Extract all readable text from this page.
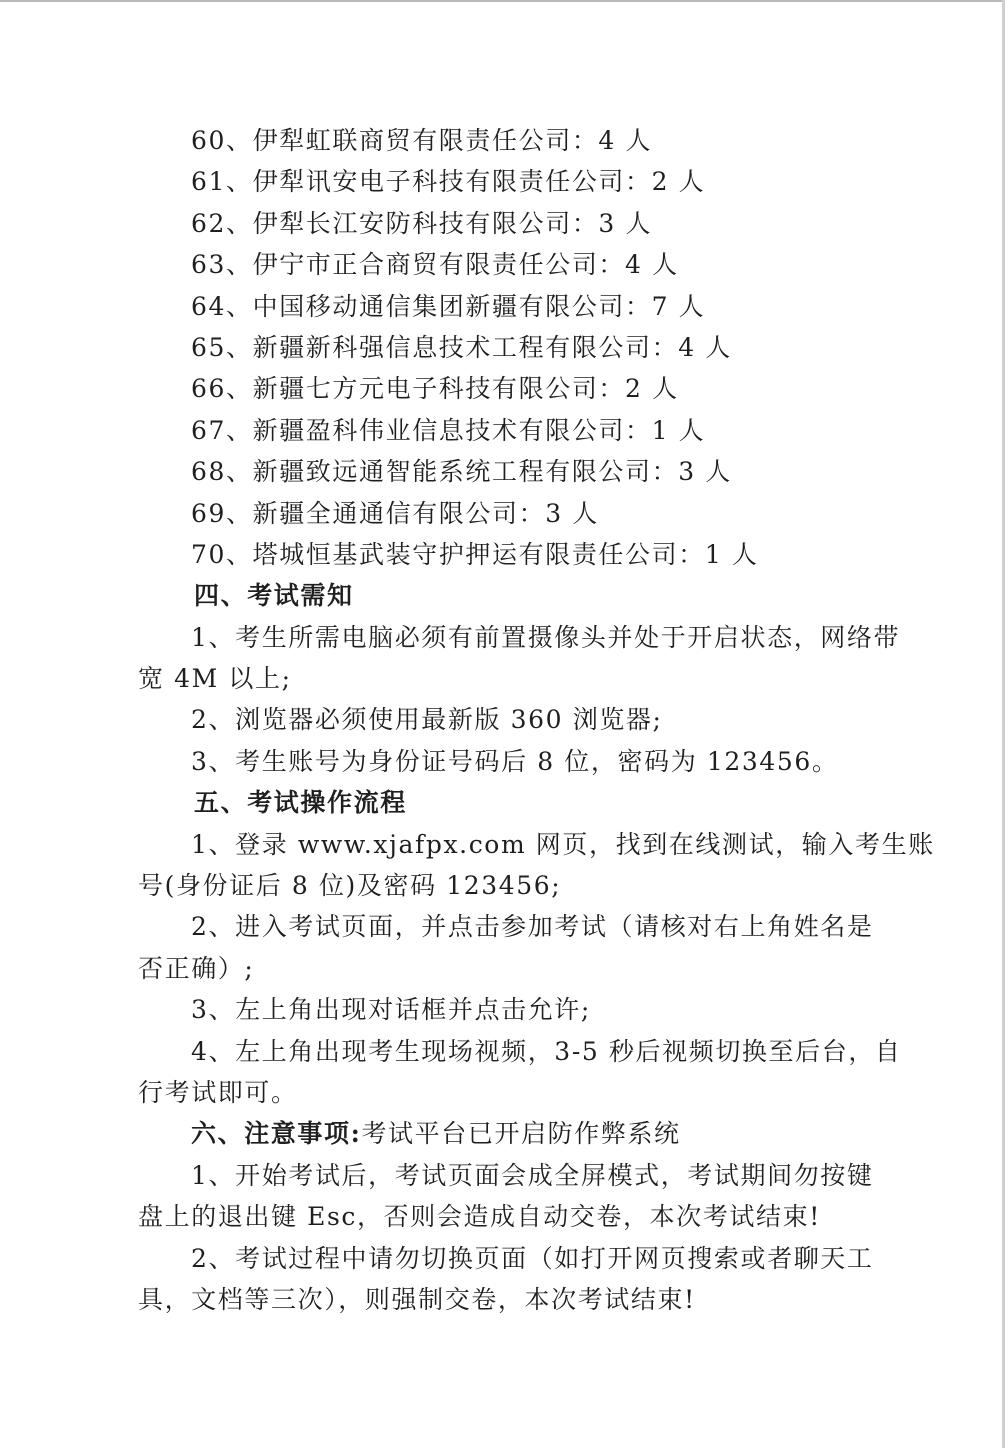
60、伊犁虹联商贸有限责任公司：4 人
61、伊犁讯安电子科技有限责任公司：2 人
62、伊犁长江安防科技有限公司：3 人
63、伊宁市正合商贸有限责任公司：4 人
64、中国移动通信集团新疆有限公司：7 人
65、新疆新科强信息技术工程有限公司：4 人
66、新疆七方元电子科技有限公司：2 人
67、新疆盈科伟业信息技术有限公司：1 人
68、新疆致远通智能系统工程有限公司：3 人
69、新疆全通通信有限公司：3 人
70、塔城恒基武装守护押运有限责任公司：1 人
四、考试需知
1、考生所需电脑必须有前置摄像头并处于开启状态，网络带
宽 4M 以上;
2、浏览器必须使用最新版 360 浏览器;
3、考生账号为身份证号码后 8 位，密码为 123456。
五、考试操作流程
1、登录 www.xjafpx.com 网页，找到在线测试，输入考生账
号(身份证后 8 位)及密码 123456;
2、进入考试页面，并点击参加考试（请核对右上角姓名是
否正确）;
3、左上角出现对话框并点击允许;
4、左上角出现考生现场视频，3-5 秒后视频切换至后台，自
行考试即可。
六、注意事项:考试平台已开启防作弊系统
1、开始考试后，考试页面会成全屏模式，考试期间勿按键
盘上的退出键 Esc，否则会造成自动交卷，本次考试结束!
2、考试过程中请勿切换页面（如打开网页搜索或者聊天工
具，文档等三次），则强制交卷，本次考试结束!
